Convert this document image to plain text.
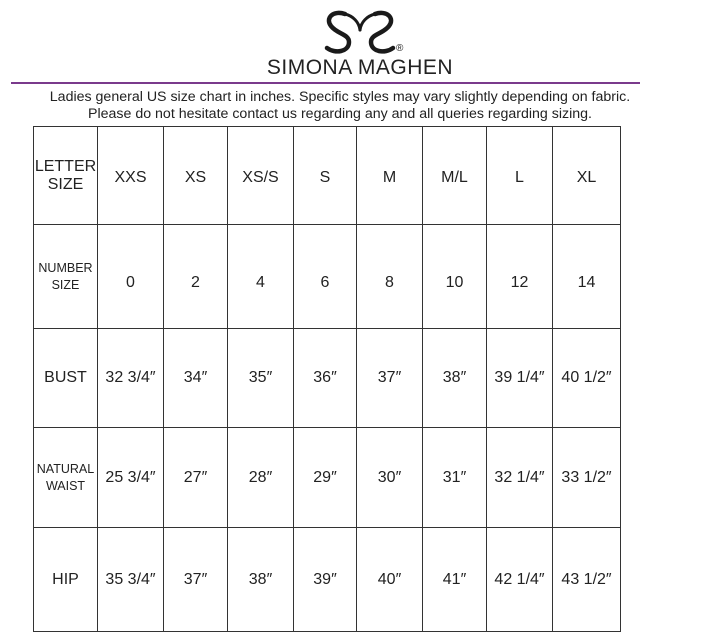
®
SIMONA MAGHEN
Ladies general US size chart in inches. Specific styles may vary slightly depending on fabric.
Please do not hesitate contact us regarding any and all queries regarding sizing.
LETTER
SIZE	XXS	XS	XS/S	S	M	M/L	L	XL
NUMBER
SIZE	0	2	4	6	8	10	12	14
BUST	32 3/4″	34″	35″	36″	37″	38″	39 1/4″	40 1/2″
NATURAL
WAIST	25 3/4″	27″	28″	29″	30″	31″	32 1/4″	33 1/2″
HIP	35 3/4″	37″	38″	39″	40″	41″	42 1/4″	43 1/2″
